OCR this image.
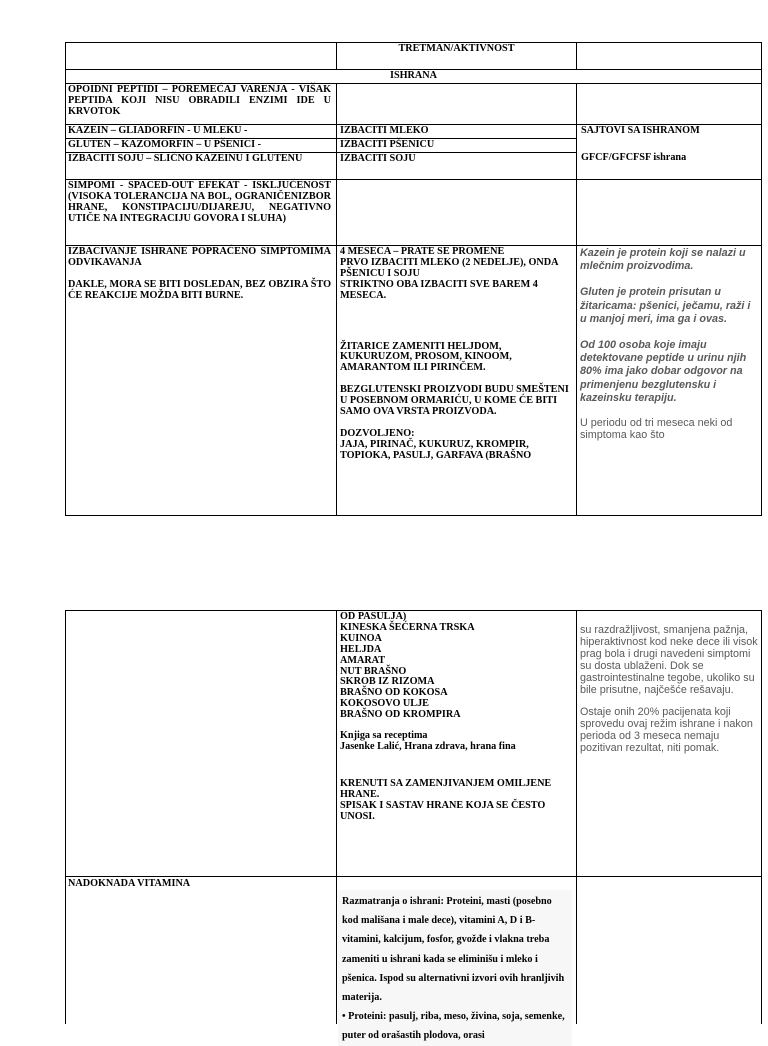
TRETMAN/AKTIVNOST
ISHRANA
OPOIDNI PEPTIDI – POREMEĆAJ VARENJA - VIŠAK PEPTIDA KOJI NISU OBRADILI ENZIMI IDE U KRVOTOK
KAZEIN – GLIADORFIN - U MLEKU -
GLUTEN – KAZOMORFIN – U PŠENICI -
IZBACITI SOJU – SLIČNO KAZEINU I GLUTENU
IZBACITI MLEKO
IZBACITI PŠENICU
IZBACITI SOJU
SAJTOVI SA ISHRANOM
GFCF/GFCFSF ishrana
SIMPOMI - SPACED-OUT EFEKAT - ISKLJUČENOST (VISOKA TOLERANCIJA NA BOL, OGRANIČENIZBOR HRANE, KONSTIPACIJU/DIJAREJU, NEGATIVNO UTIČE NA INTEGRACIJU GOVORA I SLUHA)

IZBACIVANJE ISHRANE POPRAĆENO SIMPTOMIMA ODVIKAVANJA

DAKLE, MORA SE BITI DOSLEDAN, BEZ OBZIRA ŠTO ĆE REAKCIJE MOŽDA BITI BURNE.

4 MESECA – PRATE SE PROMENE

PRVO IZBACITI MLEKO (2 NEDELJE), ONDA PŠENICU I SOJU

STRIKTNO OBA IZBACITI SVE BAREM 4 MESECA.

ŽITARICE ZAMENITI HELJDOM, KUKURUZOM, PROSOM, KINOOM, AMARANTOM ILI PIRINČEM.

BEZGLUTENSKI PROIZVODI BUDU SMEŠTENI U POSEBNOM ORMARIĆU, U KOME ĆE BITI SAMO OVA VRSTA PROIZVODA.

DOZVOLJENO:

JAJA, PIRINAČ, KUKURUZ, KROMPIR, TOPIOKA, PASULJ, GARFAVA (BRAŠNO

Kazein je protein koji se nalazi u mlečnim proizvodima.

Gluten je protein prisutan u žitaricama: pšenici, ječamu, raži i u manjoj meri, ima ga i ovas.

Od 100 osoba koje imaju detektovane peptide u urinu njih 80% ima jako dobar odgovor na primenjenu bezglutensku i kazeinsku terapiju.

U periodu od tri meseca neki od simptoma kao što

OD PASULJA)

KINESKA ŠEĆERNA TRSKA

KUINOA

HELJDA

AMARAT

NUT BRAŠNO

SKROB IZ RIZOMA

BRAŠNO OD KOKOSA

KOKOSOVO ULJE

BRAŠNO OD KROMPIRA

Knjiga sa receptima

Jasenke Lalić, Hrana zdrava, hrana fina

KRENUTI SA ZAMENJIVANJEM OMILJENE HRANE.

SPISAK I SASTAV HRANE KOJA SE ČESTO UNOSI.

su razdražljivost, smanjena pažnja, hiperaktivnost kod neke dece ili visok prag bola i drugi navedeni simptomi su dosta ublaženi. Dok se gastrointestinalne tegobe, ukoliko su bile prisutne, najčešće rešavaju.

Ostaje onih 20% pacijenata koji sprovedu ovaj režim ishrane i nakon perioda od 3 meseca nemaju pozitivan rezultat, niti pomak.

NADOKNADA VITAMINA

Razmatranja o ishrani: Proteini, masti (posebno kod mališana i male dece), vitamini A, D i B-vitamini, kalcijum, fosfor, gvožđe i vlakna treba zameniti u ishrani kada se eliminišu i mleko i pšenica. Ispod su alternativni izvori ovih hranljivih materija.

• Proteini: pasulj, riba, meso, živina, soja, semenke, puter od orašastih plodova, orasi
